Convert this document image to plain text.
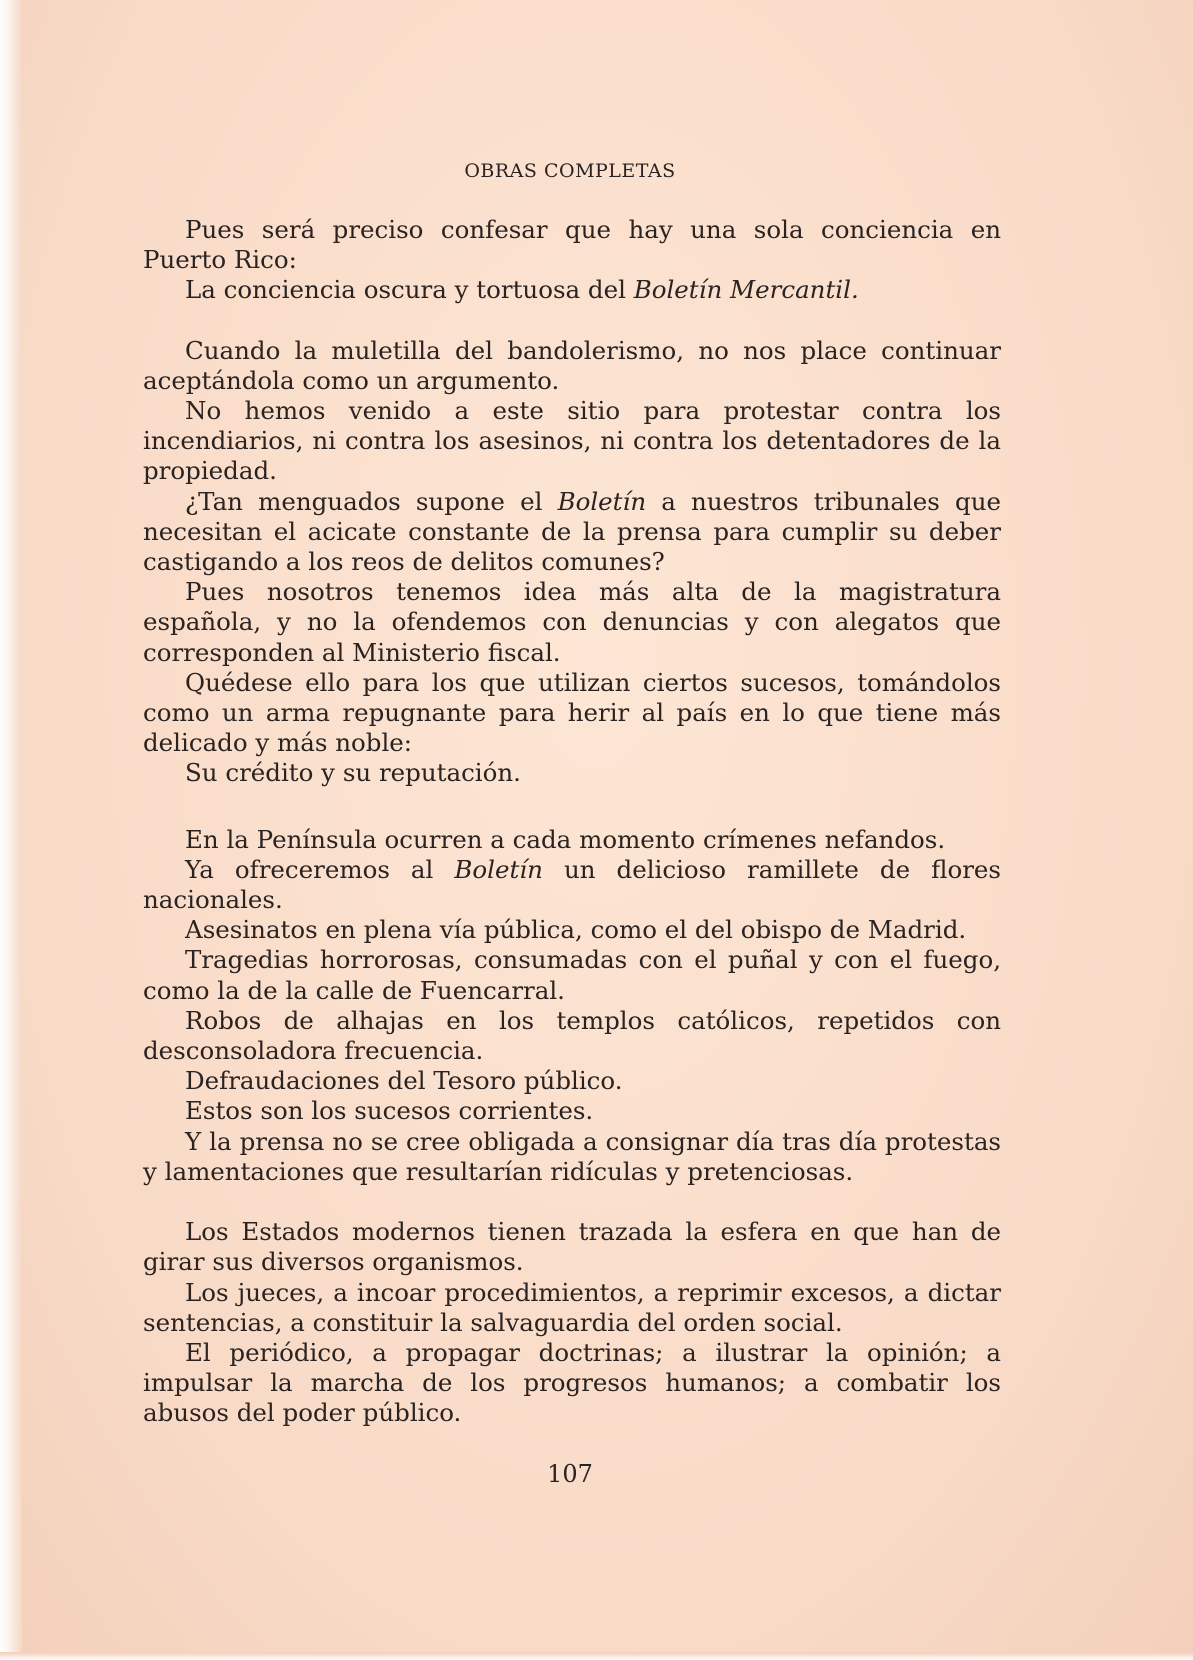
OBRAS COMPLETAS

Pues será preciso confesar que hay una sola conciencia en Puerto Rico:

La conciencia oscura y tortuosa del Boletín Mercantil.

Cuando la muletilla del bandolerismo, no nos place continuar aceptándola como un argumento.

No hemos venido a este sitio para protestar contra los incendiarios, ni contra los asesinos, ni contra los detentadores de la propiedad.

¿Tan menguados supone el Boletín a nuestros tribunales que necesitan el acicate constante de la prensa para cumplir su deber castigando a los reos de delitos comunes?

Pues nosotros tenemos idea más alta de la magistratura española, y no la ofendemos con denuncias y con alegatos que corresponden al Ministerio fiscal.

Quédese ello para los que utilizan ciertos sucesos, tomándolos como un arma repugnante para herir al país en lo que tiene más delicado y más noble:

Su crédito y su reputación.

En la Península ocurren a cada momento crímenes nefandos.

Ya ofreceremos al Boletín un delicioso ramillete de flores nacionales.

Asesinatos en plena vía pública, como el del obispo de Madrid.

Tragedias horrorosas, consumadas con el puñal y con el fuego, como la de la calle de Fuencarral.

Robos de alhajas en los templos católicos, repetidos con desconsoladora frecuencia.

Defraudaciones del Tesoro público.

Estos son los sucesos corrientes.

Y la prensa no se cree obligada a consignar día tras día protestas y lamentaciones que resultarían ridículas y pretenciosas.

Los Estados modernos tienen trazada la esfera en que han de girar sus diversos organismos.

Los jueces, a incoar procedimientos, a reprimir excesos, a dictar sentencias, a constituir la salvaguardia del orden social.

El periódico, a propagar doctrinas; a ilustrar la opinión; a impulsar la marcha de los progresos humanos; a combatir los abusos del poder público.

107
